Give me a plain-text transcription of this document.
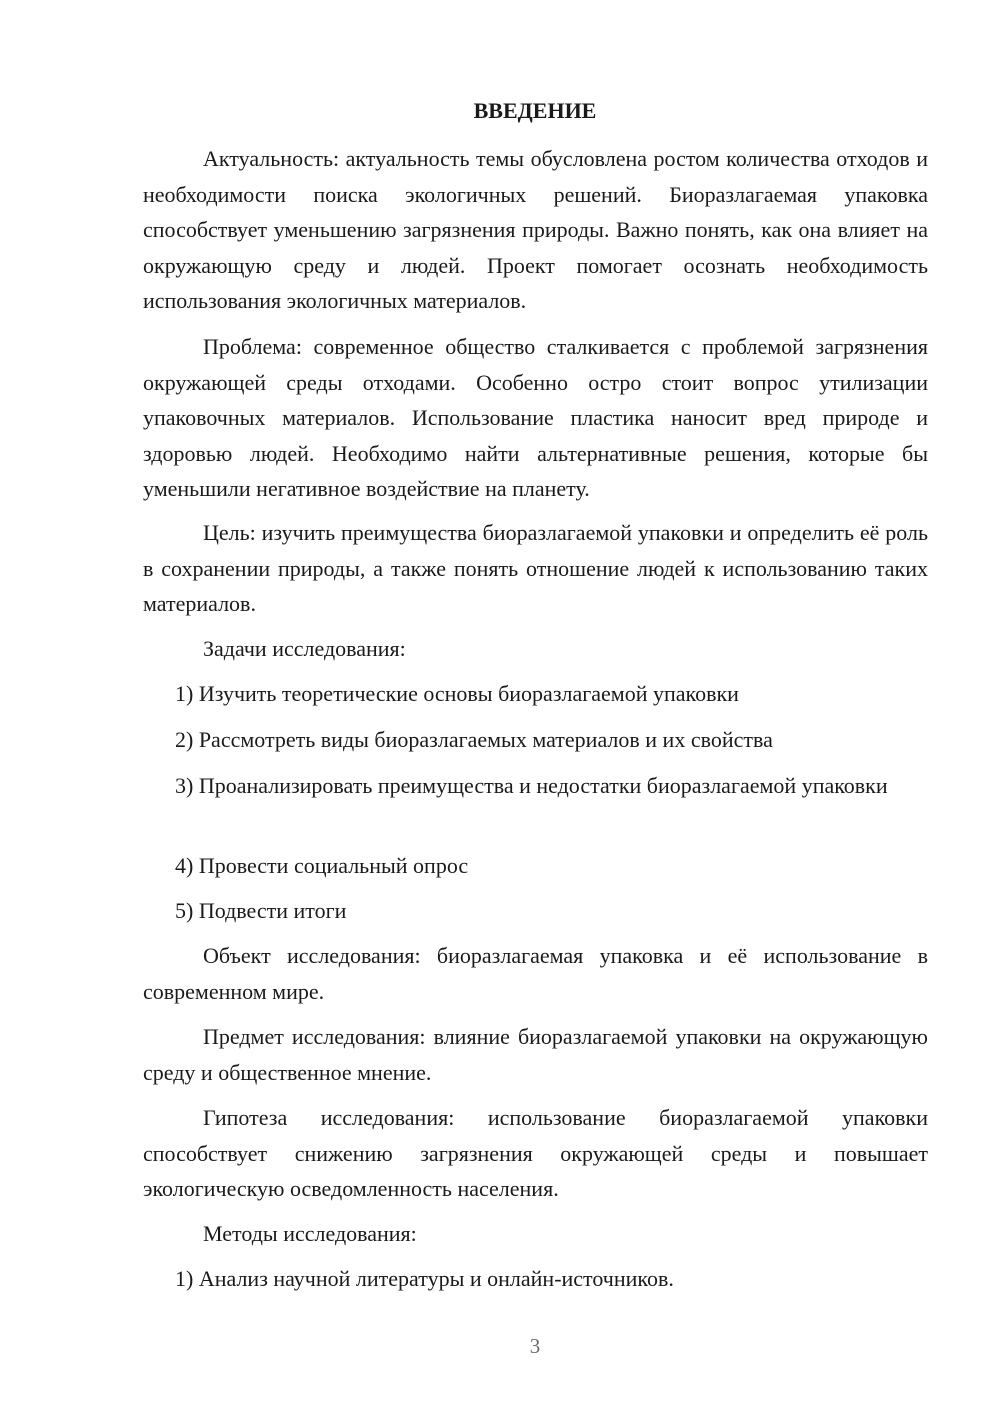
ВВЕДЕНИЕ

Актуальность: актуальность темы обусловлена ростом количества отходов и необходимости поиска экологичных решений. Биоразлагаемая упаковка способствует уменьшению загрязнения природы. Важно понять, как она влияет на окружающую среду и людей. Проект помогает осознать необходимость использования экологичных материалов.

Проблема: современное общество сталкивается с проблемой загрязнения окружающей среды отходами. Особенно остро стоит вопрос утилизации упаковочных материалов. Использование пластика наносит вред природе и здоровью людей. Необходимо найти альтернативные решения, которые бы уменьшили негативное воздействие на планету.

Цель: изучить преимущества биоразлагаемой упаковки и определить её роль в сохранении природы, а также понять отношение людей к использованию таких материалов.

Задачи исследования:

1) Изучить теоретические основы биоразлагаемой упаковки

2) Рассмотреть виды биоразлагаемых материалов и их свойства

3) Проанализировать преимущества и недостатки биоразлагаемой упаковки

4) Провести социальный опрос

5) Подвести итоги

Объект исследования: биоразлагаемая упаковка и её использование в современном мире.

Предмет исследования: влияние биоразлагаемой упаковки на окружающую среду и общественное мнение.

Гипотеза исследования: использование биоразлагаемой упаковки способствует снижению загрязнения окружающей среды и повышает экологическую осведомленность населения.

Методы исследования:

1) Анализ научной литературы и онлайн-источников.

3
